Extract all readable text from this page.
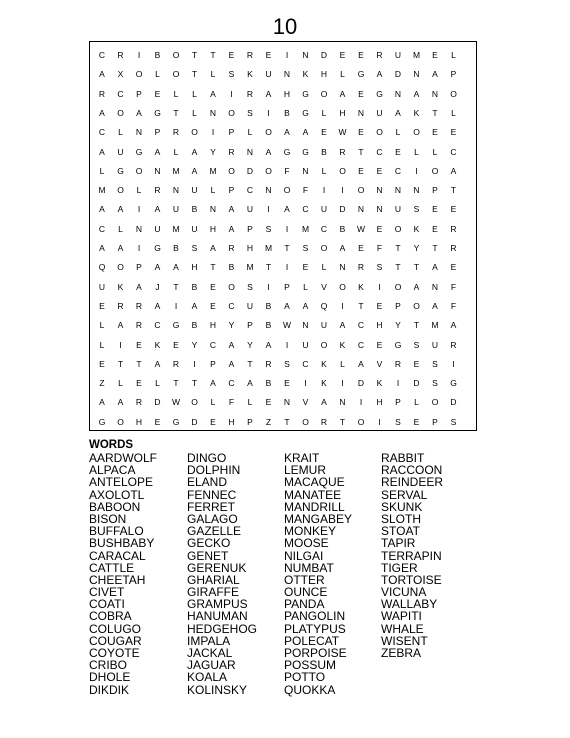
10
C	R	I	B	O	T	T	E	R	E	I	N	D	E	E	R	U	M	E	L
A	X	O	L	O	T	L	S	K	U	N	K	H	L	G	A	D	N	A	P
R	C	P	E	L	L	A	I	R	A	H	G	O	A	E	G	N	A	N	O
A	O	A	G	T	L	N	O	S	I	B	G	L	H	N	U	A	K	T	L
C	L	N	P	R	O	I	P	L	O	A	A	E	W	E	O	L	O	E	E
A	U	G	A	L	A	Y	R	N	A	G	G	B	R	T	C	E	L	L	C
L	G	O	N	M	A	M	O	D	O	F	N	L	O	E	E	C	I	O	A
M	O	L	R	N	U	L	P	C	N	O	F	I	I	O	N	N	N	P	T
A	A	I	A	U	B	N	A	U	I	A	C	U	D	N	N	U	S	E	E
C	L	N	U	M	U	H	A	P	S	I	M	C	B	W	E	O	K	E	R
A	A	I	G	B	S	A	R	H	M	T	S	O	A	E	F	T	Y	T	R
Q	O	P	A	A	H	T	B	M	T	I	E	L	N	R	S	T	T	A	E
U	K	A	J	T	B	E	O	S	I	P	L	V	O	K	I	O	A	N	F
E	R	R	A	I	A	E	C	U	B	A	A	Q	I	T	E	P	O	A	F
L	A	R	C	G	B	H	Y	P	B	W	N	U	A	C	H	Y	T	M	A
L	I	E	K	E	Y	C	A	Y	A	I	U	O	K	C	E	G	S	U	R
E	T	T	A	R	I	P	A	T	R	S	C	K	L	A	V	R	E	S	I
Z	L	E	L	T	T	A	C	A	B	E	I	K	I	D	K	I	D	S	G
A	A	R	D	W	O	L	F	L	E	N	V	A	N	I	H	P	L	O	D
G	O	H	E	G	D	E	H	P	Z	T	O	R	T	O	I	S	E	P	S
WORDS
AARDWOLF
ALPACA
ANTELOPE
AXOLOTL
BABOON
BISON
BUFFALO
BUSHBABY
CARACAL
CATTLE
CHEETAH
CIVET
COATI
COBRA
COLUGO
COUGAR
COYOTE
CRIBO
DHOLE
DIKDIK
DINGO
DOLPHIN
ELAND
FENNEC
FERRET
GALAGO
GAZELLE
GECKO
GENET
GERENUK
GHARIAL
GIRAFFE
GRAMPUS
HANUMAN
HEDGEHOG
IMPALA
JACKAL
JAGUAR
KOALA
KOLINSKY
KRAIT
LEMUR
MACAQUE
MANATEE
MANDRILL
MANGABEY
MONKEY
MOOSE
NILGAI
NUMBAT
OTTER
OUNCE
PANDA
PANGOLIN
PLATYPUS
POLECAT
PORPOISE
POSSUM
POTTO
QUOKKA
RABBIT
RACCOON
REINDEER
SERVAL
SKUNK
SLOTH
STOAT
TAPIR
TERRAPIN
TIGER
TORTOISE
VICUNA
WALLABY
WAPITI
WHALE
WISENT
ZEBRA
